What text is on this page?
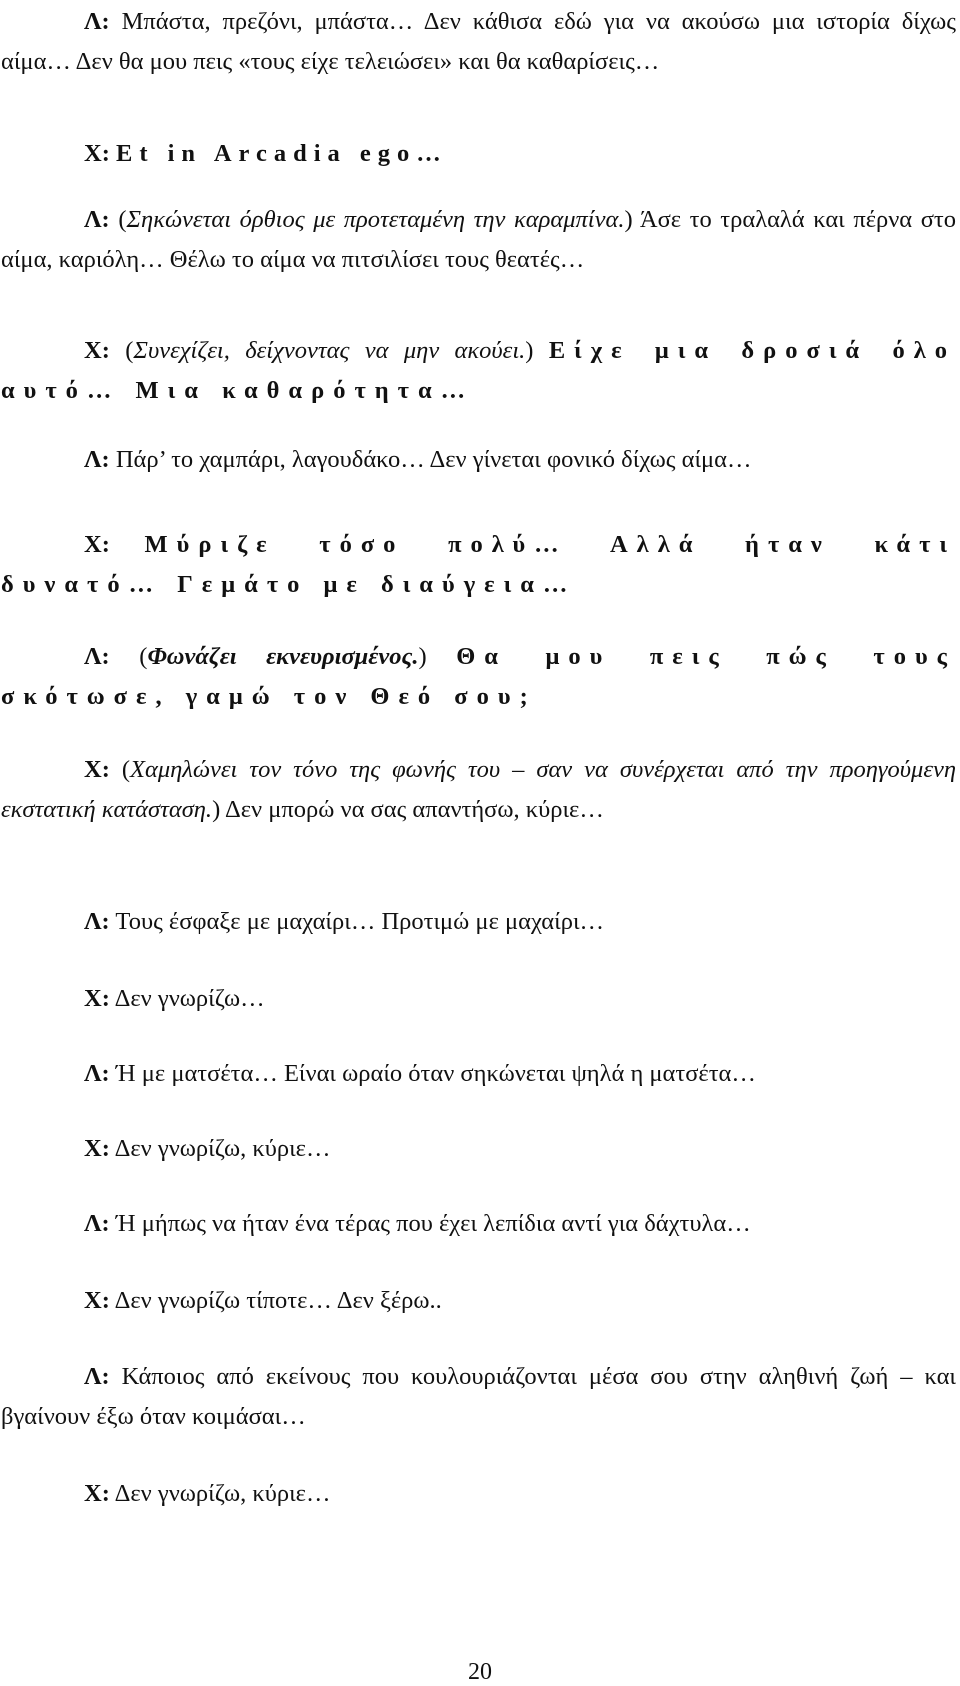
Λ: Μπάστα, πρεζόνι, μπάστα… Δεν κάθισα εδώ για να ακούσω μια ιστορία δίχως αίμα… Δεν θα μου πεις «τους είχε τελειώσει» και θα καθαρίσεις…

Χ: Et in Arcadia ego…

Λ: (Σηκώνεται όρθιος με προτεταμένη την καραμπίνα.) Άσε το τραλαλά και πέρνα στο αίμα, καριόλη… Θέλω το αίμα να πιτσιλίσει τους θεατές…

Χ: (Συνεχίζει, δείχνοντας να μην ακούει.) Είχε μια δροσιά όλο αυτό… Μια καθαρότητα…

Λ: Πάρ’ το χαμπάρι, λαγουδάκο… Δεν γίνεται φονικό δίχως αίμα…

Χ: Μύριζε τόσο πολύ… Αλλά ήταν κάτι δυνατό… Γεμάτο με διαύγεια…

Λ: (Φωνάζει εκνευρισμένος.) Θα μου πεις πώς τους σκότωσε, γαμώ τον Θεό σου;

Χ: (Χαμηλώνει τον τόνο της φωνής του – σαν να συνέρχεται από την προηγούμενη εκστατική κατάσταση.) Δεν μπορώ να σας απαντήσω, κύριε…

Λ: Τους έσφαξε με μαχαίρι… Προτιμώ με μαχαίρι…

Χ: Δεν γνωρίζω…

Λ: Ή με ματσέτα… Είναι ωραίο όταν σηκώνεται ψηλά η ματσέτα…

Χ: Δεν γνωρίζω, κύριε…

Λ: Ή μήπως να ήταν ένα τέρας που έχει λεπίδια αντί για δάχτυλα…

Χ: Δεν γνωρίζω τίποτε… Δεν ξέρω..

Λ: Κάποιος από εκείνους που κουλουριάζονται μέσα σου στην αληθινή ζωή – και βγαίνουν έξω όταν κοιμάσαι…

Χ: Δεν γνωρίζω, κύριε…

20
